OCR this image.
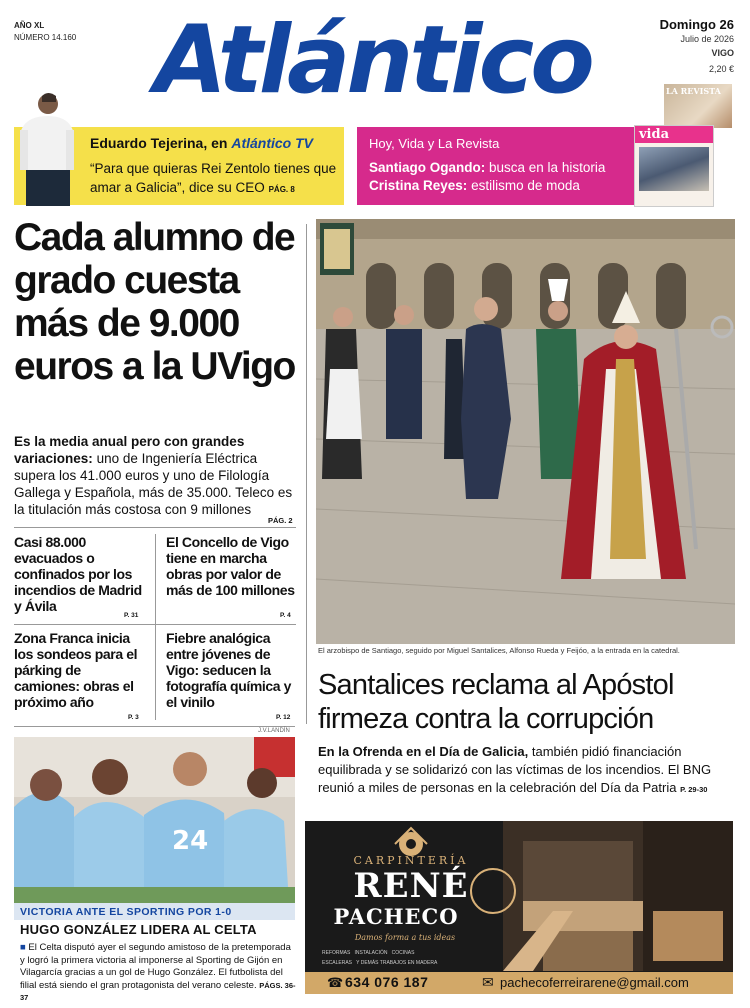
AÑO XL
NÚMERO 14.160 Atlántico	Domingo 26
Julio de 2026
VIGO
2,20 €
LA REVISTA
Eduardo Tejerina, en Atlántico TV
“Para que quieras Rei Zentolo tienes que amar a Galicia”, dice su CEO PÁG. 8
Hoy, Vida y La Revista
Santiago Ogando: busca en la historia
Cristina Reyes: estilismo de moda
vida
Cada alumno de grado cuesta más de 9.000 euros a la UVigo
Es la media anual pero con grandes variaciones: uno de Ingeniería Eléctrica supera los 41.000 euros y uno de Filología Gallega y Española, más de 35.000. Teleco es la titulación más costosa con 9 millones
PÁG. 2
Casi 88.000 evacuados o confinados por los incendios de Madrid y Ávila
P. 31
El Concello de Vigo tiene en marcha obras por valor de más de 100 millones
P. 4
Zona Franca inicia los sondeos para el párking de camiones: obras el próximo año
P. 3
Fiebre analógica entre jóvenes de Vigo: seducen la fotografía química y el vinilo
P. 12
El arzobispo de Santiago, seguido por Miguel Santalices, Alfonso Rueda y Feijóo, a la entrada en la catedral.
Santalices reclama al Apóstol firmeza contra la corrupción
En la Ofrenda en el Día de Galicia, también pidió financiación equilibrada y se solidarizó con las víctimas de los incendios. El BNG reunió a miles de personas en la celebración del Día da Patria P. 29-30
J.V.LANDÍN
24
VICTORIA ANTE EL SPORTING POR 1-0
HUGO GONZÁLEZ LIDERA AL CELTA
■ El Celta disputó ayer el segundo amistoso de la pretemporada y logró la primera victoria al imponerse al Sporting de Gijón en Vilagarcía gracias a un gol de Hugo González. El futbolista del filial está siendo el gran protagonista del verano celeste. PÁGS. 36-37
CARPINTERÍA
RENÉ
PACHECO
Damos forma a tus ideas
REFORMAS INSTALACIÓN COCINAS
ESCALERAS Y DEMÁS TRABAJOS EN MADERA
☎ 634 076 187	✉ pachecoferreirarene@gmail.com
